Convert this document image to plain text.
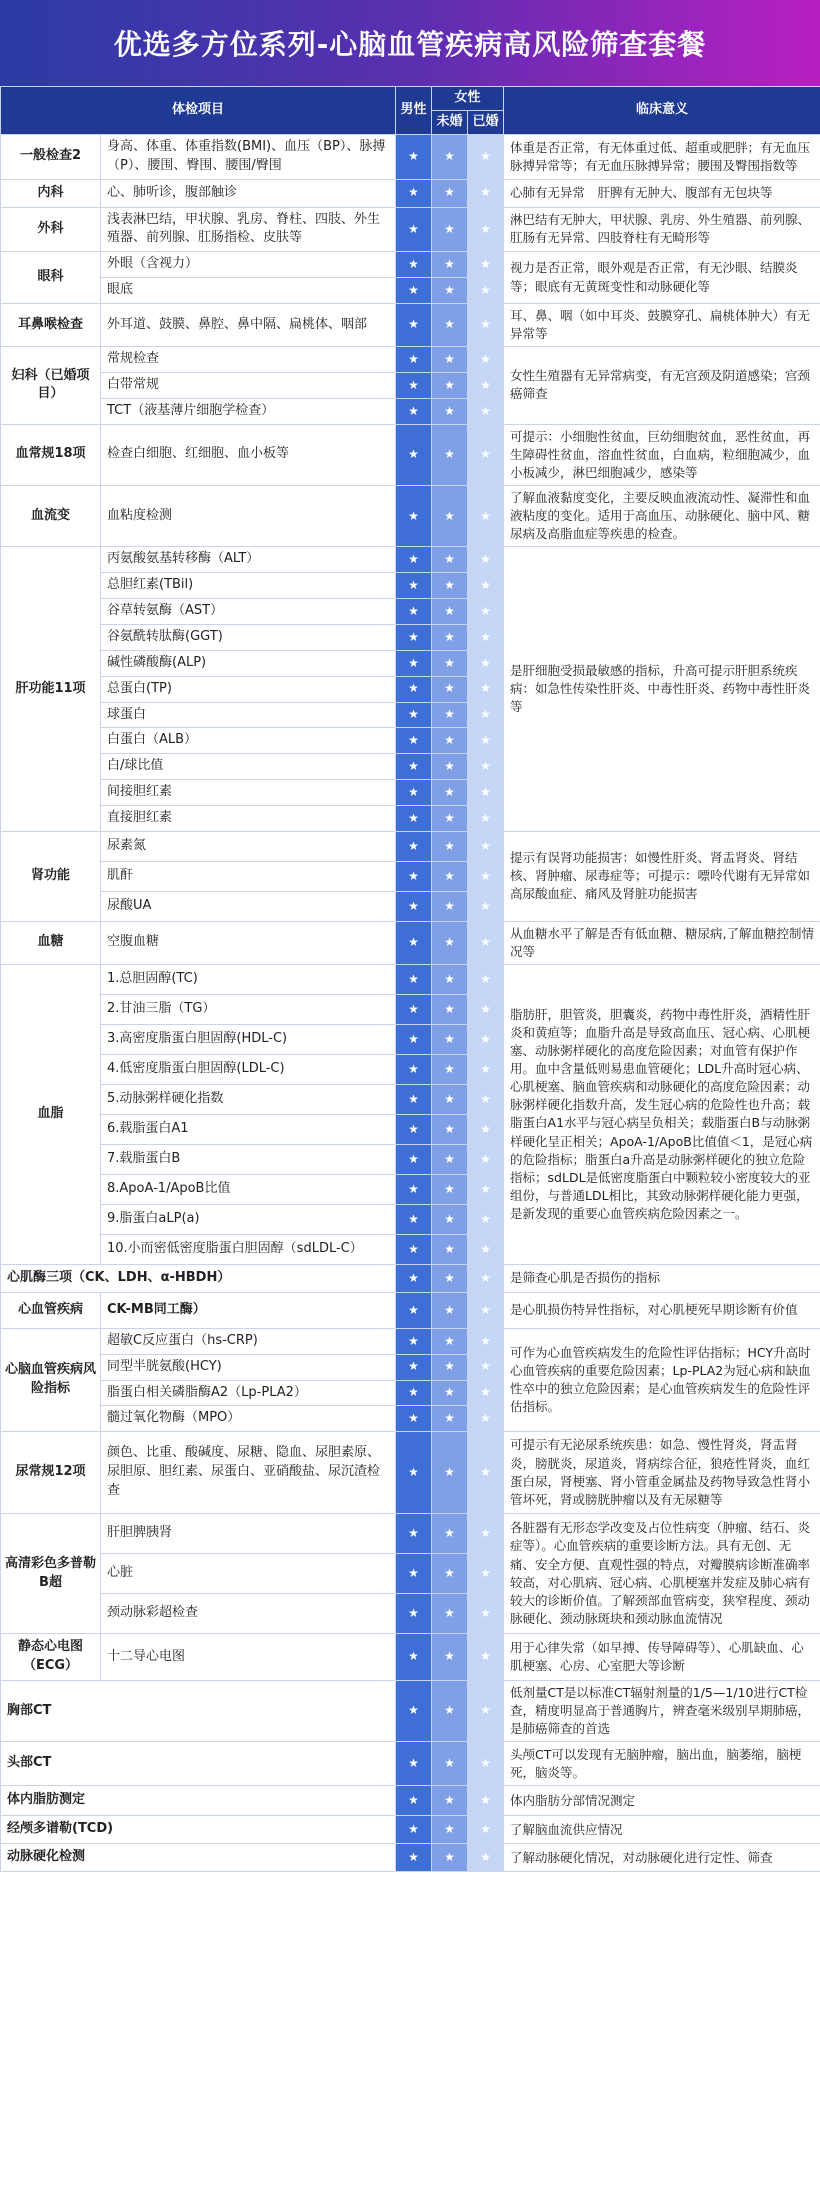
优选多方位系列-心脑血管疾病高风险筛查套餐
体检项目		男性	女性		临床意义
			未婚	已婚	
一般检查2	身高、体重、体重指数(BMI)、血压（BP）、脉搏（P）、腰围、臀围、腰围/臀围	★	★	★	体重是否正常，有无体重过低、超重或肥胖；有无血压脉搏异常等；有无血压脉搏异常；腰围及臀围指数等
内科	心、肺听诊，腹部触诊	★	★	★	心肺有无异常　肝脾有无肿大、腹部有无包块等
外科	浅表淋巴结，甲状腺、乳房、脊柱、四肢、外生殖器、前列腺、肛肠指检、皮肤等	★	★	★	淋巴结有无肿大，甲状腺、乳房、外生殖器、前列腺、肛肠有无异常、四肢脊柱有无畸形等
眼科	外眼（含视力）	★	★	★	视力是否正常，眼外观是否正常，有无沙眼、结膜炎等；眼底有无黄斑变性和动脉硬化等
	眼底	★	★	★	
耳鼻喉检查	外耳道、鼓膜、鼻腔、鼻中隔、扁桃体、咽部	★	★	★	耳、鼻、咽（如中耳炎、鼓膜穿孔、扁桃体肿大）有无异常等
妇科（已婚项目）	常规检查	★	★	★	女性生殖器有无异常病变，有无宫颈及阴道感染；宫颈癌筛查
	白带常规	★	★	★	
	TCT（液基薄片细胞学检查）	★	★	★	
血常规18项	检查白细胞、红细胞、血小板等	★	★	★	可提示：小细胞性贫血，巨幼细胞贫血，恶性贫血，再生障碍性贫血，溶血性贫血，白血病，粒细胞减少，血小板减少，淋巴细胞减少，感染等
血流变	血粘度检测	★	★	★	了解血液黏度变化，主要反映血液流动性、凝滞性和血液粘度的变化。适用于高血压、动脉硬化、脑中风、糖尿病及高脂血症等疾患的检查。
肝功能11项	丙氨酸氨基转移酶（ALT）	★	★	★	是肝细胞受损最敏感的指标，升高可提示肝胆系统疾病：如急性传染性肝炎、中毒性肝炎、药物中毒性肝炎等
	总胆红素(TBil)	★	★	★	
	谷草转氨酶（AST）	★	★	★	
	谷氨酰转肽酶(GGT)	★	★	★	
	碱性磷酸酶(ALP)	★	★	★	
	总蛋白(TP)	★	★	★	
	球蛋白	★	★	★	
	白蛋白（ALB）	★	★	★	
	白/球比值	★	★	★	
	间接胆红素	★	★	★	
	直接胆红素	★	★	★	
肾功能	尿素氮	★	★	★	提示有误肾功能损害：如慢性肝炎、肾盂肾炎、肾结核、肾肿瘤、尿毒症等；可提示：嘌呤代谢有无异常如高尿酸血症、痛风及肾脏功能损害
	肌酐	★	★	★	
	尿酸UA	★	★	★	
血糖	空腹血糖	★	★	★	从血糖水平了解是否有低血糖、糖尿病,了解血糖控制情况等
血脂	1.总胆固醇(TC)	★	★	★	脂肪肝，胆管炎，胆囊炎，药物中毒性肝炎，酒精性肝炎和黄疸等；血脂升高是导致高血压、冠心病、心肌梗塞、动脉粥样硬化的高度危险因素；对血管有保护作用。血中含量低则易患血管硬化；LDL升高时冠心病、心肌梗塞、脑血管疾病和动脉硬化的高度危险因素；动脉粥样硬化指数升高，发生冠心病的危险性也升高；载脂蛋白A1水平与冠心病呈负相关；载脂蛋白B与动脉粥样硬化呈正相关；ApoA-1/ApoB比值值＜1，是冠心病的危险指标；脂蛋白a升高是动脉粥样硬化的独立危险指标；sdLDL是低密度脂蛋白中颗粒较小密度较大的亚组份，与普通LDL相比，其致动脉粥样硬化能力更强，是新发现的重要心血管疾病危险因素之一。
	2.甘油三脂（TG）	★	★	★	
	3.高密度脂蛋白胆固醇(HDL-C)	★	★	★	
	4.低密度脂蛋白胆固醇(LDL-C)	★	★	★	
	5.动脉粥样硬化指数	★	★	★	
	6.载脂蛋白A1	★	★	★	
	7.载脂蛋白B	★	★	★	
	8.ApoA-1/ApoB比值	★	★	★	
	9.脂蛋白aLP(a)	★	★	★	
	10.小而密低密度脂蛋白胆固醇（sdLDL-C）	★	★	★	
心肌酶三项（CK、LDH、α-HBDH）		★	★	★	是筛查心肌是否损伤的指标
心血管疾病	CK-MB同工酶）	★	★	★	是心肌损伤特异性指标，对心肌梗死早期诊断有价值
心脑血管疾病风险指标	超敏C反应蛋白（hs-CRP)	★	★	★	可作为心血管疾病发生的危险性评估指标；HCY升高时心血管疾病的重要危险因素；Lp-PLA2为冠心病和缺血性卒中的独立危险因素；是心血管疾病发生的危险性评估指标。
	同型半胱氨酸(HCY)	★	★	★	
	脂蛋白相关磷脂酶A2（Lp-PLA2）	★	★	★	
	髓过氧化物酶（MPO）	★	★	★	
尿常规12项	颜色、比重、酸碱度、尿糖、隐血、尿胆素原、尿胆原、胆红素、尿蛋白、亚硝酸盐、尿沉渣检查	★	★	★	可提示有无泌尿系统疾患：如急、慢性肾炎，肾盂肾炎，膀胱炎，尿道炎，肾病综合征，狼疮性肾炎，血红蛋白尿，肾梗塞、肾小管重金属盐及药物导致急性肾小管坏死，肾或膀胱肿瘤以及有无尿糖等
高清彩色多普勒B超	肝胆脾胰肾	★	★	★	各脏器有无形态学改变及占位性病变（肿瘤、结石、炎症等）。心血管疾病的重要诊断方法。具有无创、无痛、安全方便、直观性强的特点，对瓣膜病诊断准确率较高，对心肌病、冠心病、心肌梗塞并发症及肺心病有较大的诊断价值。了解颈部血管病变，狭窄程度、颈动脉硬化、颈动脉斑块和颈动脉血流情况
	心脏	★	★	★	
	颈动脉彩超检查	★	★	★	
静态心电图（ECG）	十二导心电图	★	★	★	用于心律失常（如早搏、传导障碍等）、心肌缺血、心肌梗塞、心房、心室肥大等诊断
胸部CT		★	★	★	低剂量CT是以标准CT辐射剂量的1/5—1/10进行CT检查，精度明显高于普通胸片，辨查毫米级别早期肺癌，是肺癌筛查的首选
头部CT		★	★	★	头颅CT可以发现有无脑肿瘤，脑出血，脑萎缩，脑梗死，脑炎等。
体内脂肪测定		★	★	★	体内脂肪分部情况测定
经颅多谱勒(TCD)		★	★	★	了解脑血流供应情况
动脉硬化检测		★	★	★	了解动脉硬化情况，对动脉硬化进行定性、筛查
